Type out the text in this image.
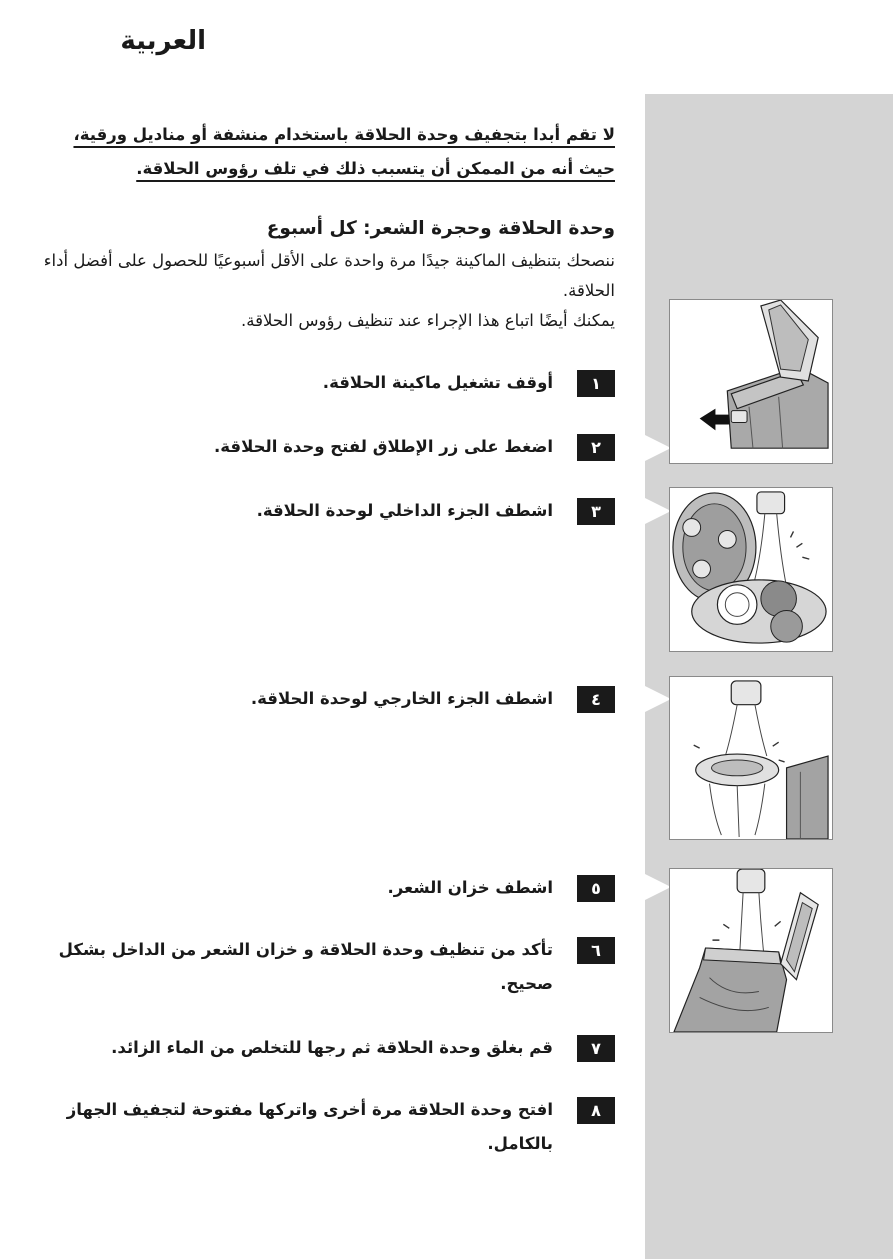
العربية

لا تقم أبدا بتجفيف وحدة الحلاقة باستخدام منشفة أو مناديل ورقية،

حيث أنه من الممكن أن يتسبب ذلك في تلف رؤوس الحلاقة.

وحدة الحلاقة وحجرة الشعر: كل أسبوع

ننصحك بتنظيف الماكينة جيدًا مرة واحدة على الأقل أسبوعيًا للحصول على أفضل أداء الحلاقة.

يمكنك أيضًا اتباع هذا الإجراء عند تنظيف رؤوس الحلاقة.

١
أوقف تشغيل ماكينة الحلاقة.
٢
اضغط على زر الإطلاق لفتح وحدة الحلاقة.
٣
اشطف الجزء الداخلي لوحدة الحلاقة.
٤
اشطف الجزء الخارجي لوحدة الحلاقة.
٥
اشطف خزان الشعر.
٦
تأكد من تنظيف وحدة الحلاقة و خزان الشعر من الداخل بشكل صحيح.
٧
قم بغلق وحدة الحلاقة ثم رجها للتخلص من الماء الزائد.
٨
افتح وحدة الحلاقة مرة أخرى واتركها مفتوحة لتجفيف الجهاز بالكامل.
